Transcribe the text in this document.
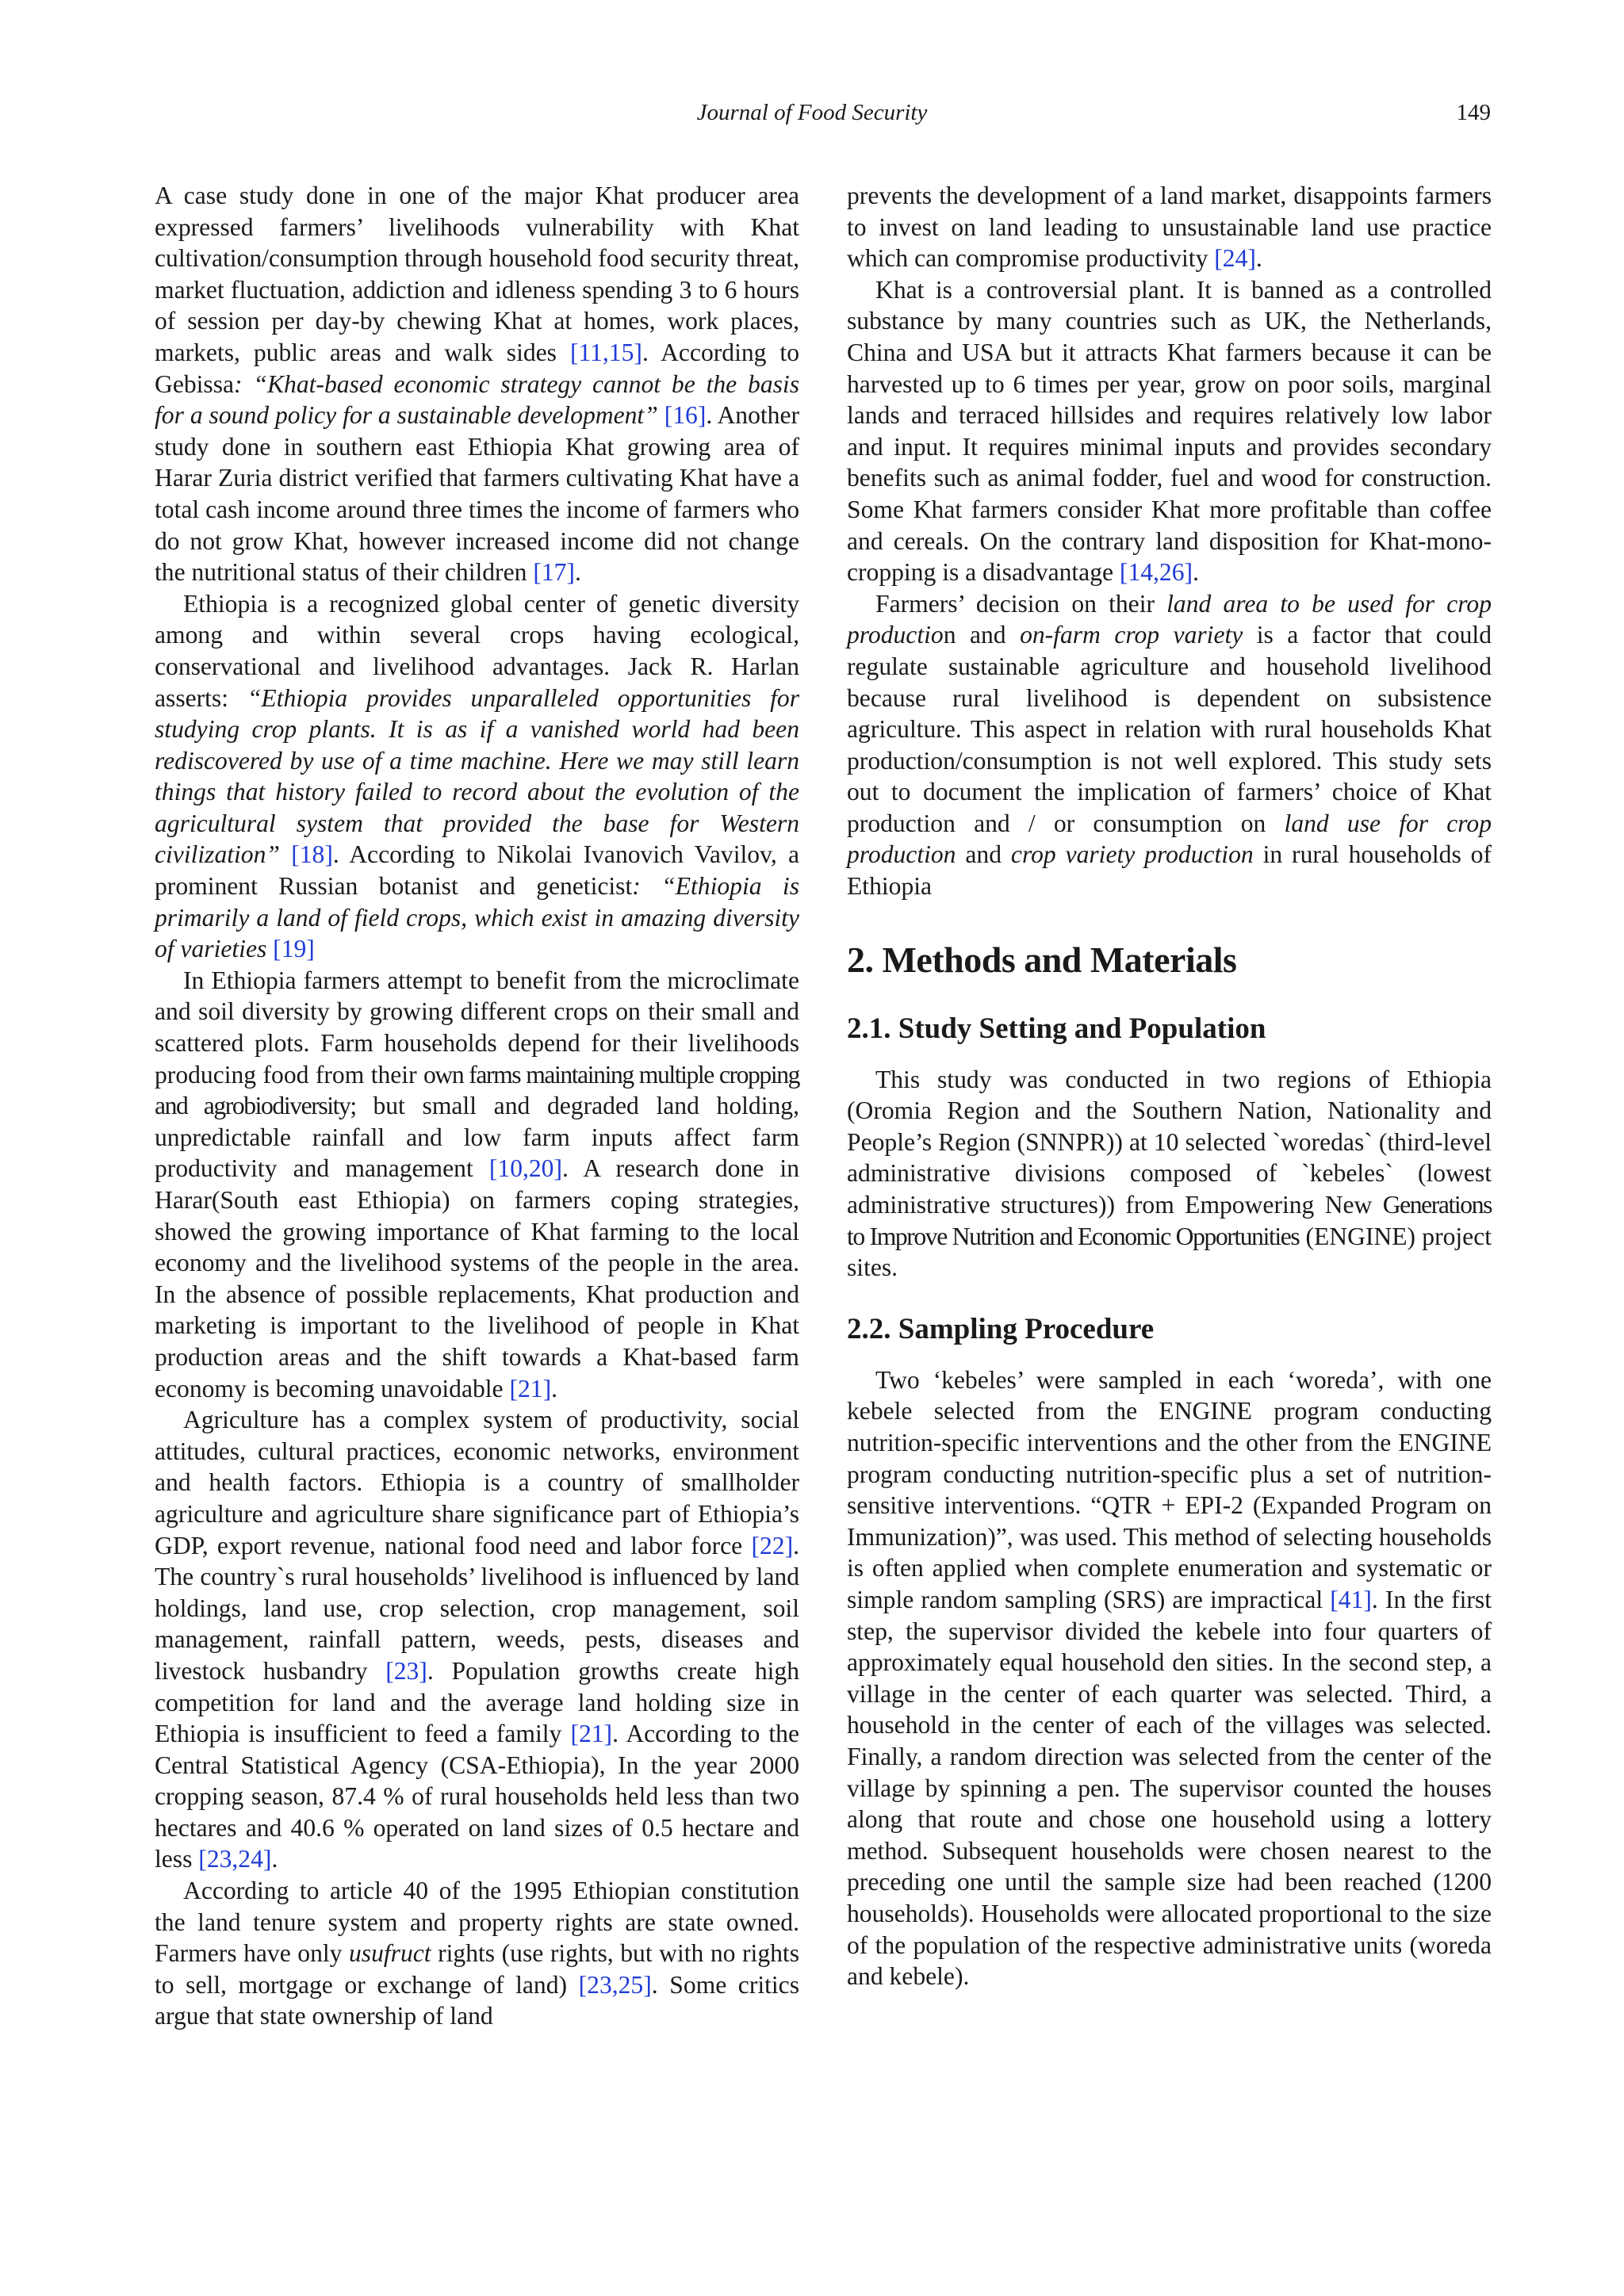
Journal of Food Security	149

A case study done in one of the major Khat producer area expressed farmers’ livelihoods vulnerability with Khat cultivation/consumption through household food security threat, market fluctuation, addiction and idleness spending 3 to 6 hours of session per day-by chewing Khat at homes, work places, markets, public areas and walk sides [11,15]. According to Gebissa: “Khat-based economic strategy cannot be the basis for a sound policy for a sustainable development” [16]. Another study done in southern east Ethiopia Khat growing area of Harar Zuria district verified that farmers cultivating Khat have a total cash income around three times the income of farmers who do not grow Khat, however increased income did not change the nutritional status of their children [17].

Ethiopia is a recognized global center of genetic diversity among and within several crops having ecological, conservational and livelihood advantages. Jack R. Harlan asserts: “Ethiopia provides unparalleled opportunities for studying crop plants. It is as if a vanished world had been rediscovered by use of a time machine. Here we may still learn things that history failed to record about the evolution of the agricultural system that provided the base for Western civilization” [18]. According to Nikolai Ivanovich Vavilov, a prominent Russian botanist and geneticist: “Ethiopia is primarily a land of field crops, which exist in amazing diversity of varieties [19]

In Ethiopia farmers attempt to benefit from the microclimate and soil diversity by growing different crops on their small and scattered plots. Farm households depend for their livelihoods producing food from their own farms maintaining multiple cropping and agrobiodiversity; but small and degraded land holding, unpredictable rainfall and low farm inputs affect farm productivity and management [10,20]. A research done in Harar(South east Ethiopia) on farmers coping strategies, showed the growing importance of Khat farming to the local economy and the livelihood systems of the people in the area. In the absence of possible replacements, Khat production and marketing is important to the livelihood of people in Khat production areas and the shift towards a Khat-based farm economy is becoming unavoidable [21].

Agriculture has a complex system of productivity, social attitudes, cultural practices, economic networks, environment and health factors. Ethiopia is a country of smallholder agriculture and agriculture share significance part of Ethiopia’s GDP, export revenue, national food need and labor force [22]. The country`s rural households’ livelihood is influenced by land holdings, land use, crop selection, crop management, soil management, rainfall pattern, weeds, pests, diseases and livestock husbandry [23]. Population growths create high competition for land and the average land holding size in Ethiopia is insufficient to feed a family [21]. According to the Central Statistical Agency (CSA-Ethiopia), In the year 2000 cropping season, 87.4 % of rural households held less than two hectares and 40.6 % operated on land sizes of 0.5 hectare and less [23,24].

According to article 40 of the 1995 Ethiopian constitution the land tenure system and property rights are state owned. Farmers have only usufruct rights (use rights, but with no rights to sell, mortgage or exchange of land) [23,25]. Some critics argue that state ownership of land

prevents the development of a land market, disappoints farmers to invest on land leading to unsustainable land use practice which can compromise productivity [24].

Khat is a controversial plant. It is banned as a controlled substance by many countries such as UK, the Netherlands, China and USA but it attracts Khat farmers because it can be harvested up to 6 times per year, grow on poor soils, marginal lands and terraced hillsides and requires relatively low labor and input. It requires minimal inputs and provides secondary benefits such as animal fodder, fuel and wood for construction. Some Khat farmers consider Khat more profitable than coffee and cereals. On the contrary land disposition for Khat-mono-cropping is a disadvantage [14,26].

Farmers’ decision on their land area to be used for crop production and on-farm crop variety is a factor that could regulate sustainable agriculture and household livelihood because rural livelihood is dependent on subsistence agriculture. This aspect in relation with rural households Khat production/consumption is not well explored. This study sets out to document the implication of farmers’ choice of Khat production and / or consumption on land use for crop production and crop variety production in rural households of Ethiopia

2. Methods and Materials
2.1. Study Setting and Population

This study was conducted in two regions of Ethiopia (Oromia Region and the Southern Nation, Nationality and People’s Region (SNNPR)) at 10 selected `woredas` (third-level administrative divisions composed of `kebeles` (lowest administrative structures)) from Empowering New Generations to Improve Nutrition and Economic Opportunities (ENGINE) project sites.

2.2. Sampling Procedure

Two ‘kebeles’ were sampled in each ‘woreda’, with one kebele selected from the ENGINE program conducting nutrition-specific interventions and the other from the ENGINE program conducting nutrition-specific plus a set of nutrition-sensitive interventions. “QTR + EPI-2 (Expanded Program on Immunization)”, was used. This method of selecting households is often applied when complete enumeration and systematic or simple random sampling (SRS) are impractical [41]. In the first step, the supervisor divided the kebele into four quarters of approximately equal household den sities. In the second step, a village in the center of each quarter was selected. Third, a household in the center of each of the villages was selected. Finally, a random direction was selected from the center of the village by spinning a pen. The supervisor counted the houses along that route and chose one household using a lottery method. Subsequent households were chosen nearest to the preceding one until the sample size had been reached (1200 households). Households were allocated proportional to the size of the population of the respective administrative units (woreda and kebele).
